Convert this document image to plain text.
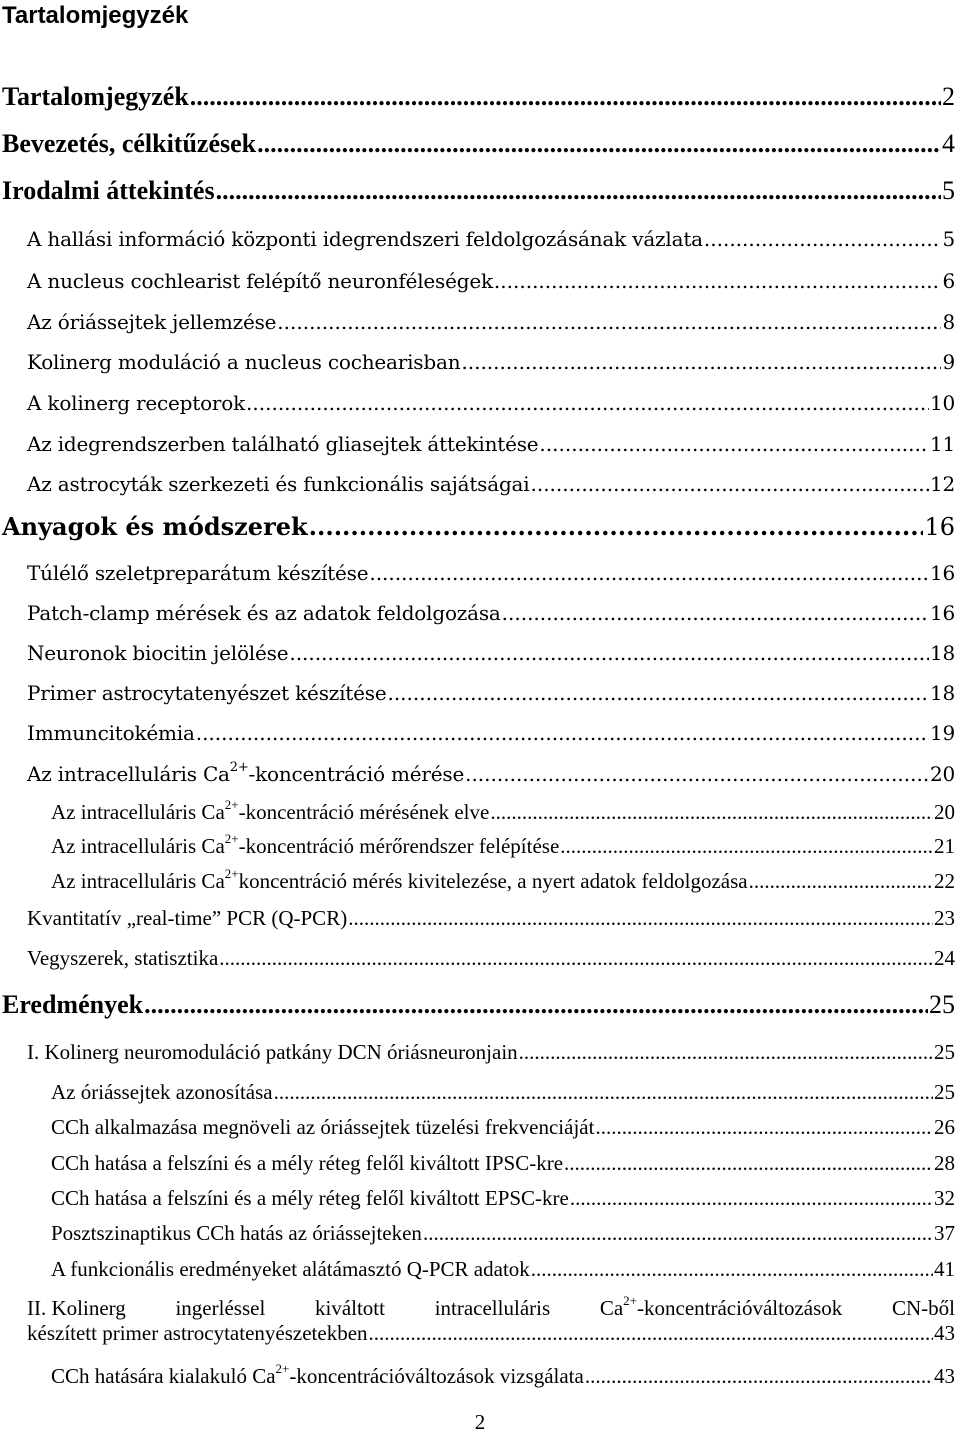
Tartalomjegyzék
Tartalomjegyzék .....	2
Bevezetés, célkitűzések .....	4
Irodalmi áttekintés .....	5
A hallási információ központi idegrendszeri feldolgozásának vázlata .....	5
A nucleus cochlearist felépítő neuronféleségek .....	6
Az óriássejtek jellemzése .....	8
Kolinerg moduláció a nucleus cochearisban .....	9
A kolinerg receptorok .....	10
Az idegrendszerben található gliasejtek áttekintése .....	11
Az astrocyták szerkezeti és funkcionális sajátságai .....	12
Anyagok és módszerek .....	16
Túlélő szeletpreparátum készítése .....	16
Patch-clamp mérések és az adatok feldolgozása .....	16
Neuronok biocitin jelölése .....	18
Primer astrocytatenyészet készítése .....	18
Immuncitokémia .....	19
Az intracelluláris $Ca^{2+}$-koncentráció mérése .....	20
Az intracelluláris $Ca^{2+}$-koncentráció mérésének elve .....	20
Az intracelluláris $Ca^{2+}$-koncentráció mérőrendszer felépítése .....	21
Az intracelluláris $Ca^{2+}koncentráció$ mérés kivitelezése, a nyert adatok feldolgozása .....	22
Kvantitatív „real-time” PCR (Q-PCR) .....	23
Vegyszerek, statisztika .....	24
Eredmények .....	25
I. Kolinerg neuromoduláció patkány DCN óriásneuronjain .....	25
Az óriássejtek azonosítása .....	25
CCh alkalmazása megnöveli az óriássejtek tüzelési frekvenciáját .....	26
CCh hatása a felszíni és a mély réteg felől kiváltott IPSC-kre .....	28
CCh hatása a felszíni és a mély réteg felől kiváltott EPSC-kre .....	32
Posztszinaptikus CCh hatás az óriássejteken .....	37
A funkcionális eredményeket alátámasztó Q-PCR adatok .....	41
II. Kolinerg ingerléssel kiváltott intracelluláris $Ca^{2+}$-koncentrációváltozások CN-ből
készített primer astrocytatenyészetekben .....	43
CCh hatására kialakuló $Ca^{2+}$-koncentrációváltozások vizsgálata .....	43
2
